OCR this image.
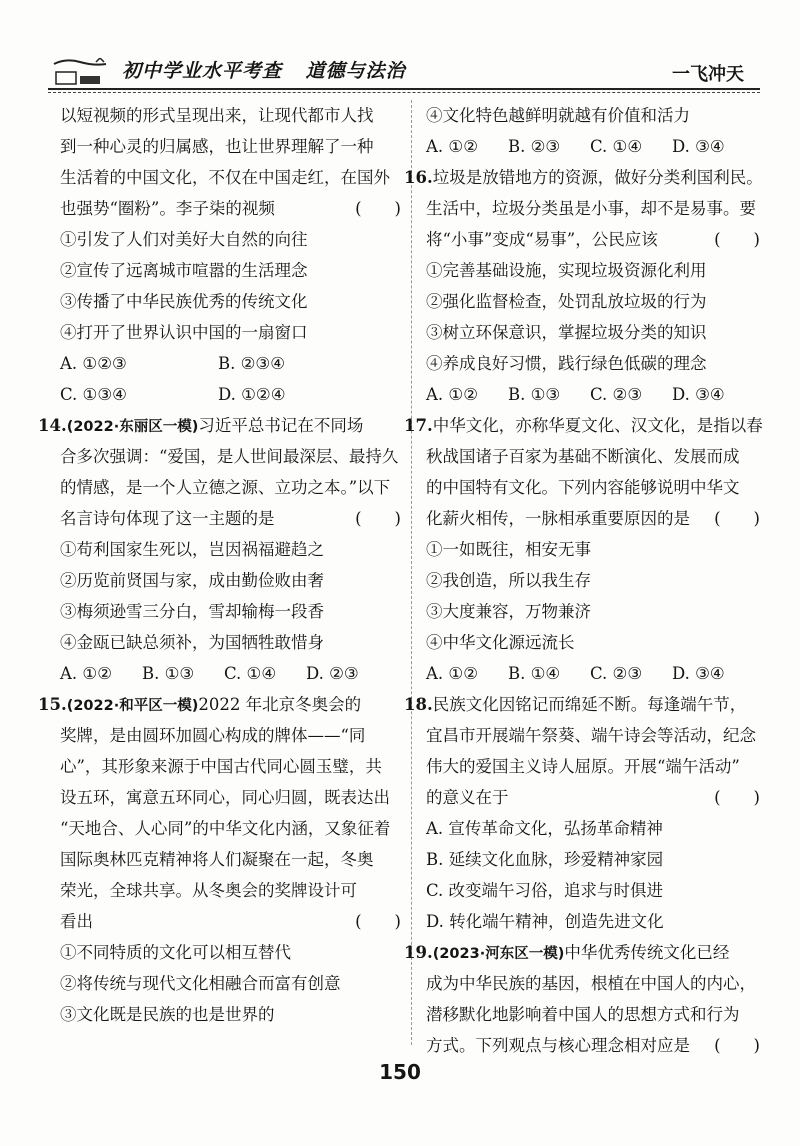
初中学业水平考查 道德与法治	一飞冲天
以短视频的形式呈现出来，让现代都市人找
到一种心灵的归属感，也让世界理解了一种
生活着的中国文化，不仅在中国走红，在国外
也强势“圈粉”。李子柒的视频	(　　)
①引发了人们对美好大自然的向往
②宣传了远离城市喧嚣的生活理念
③传播了中华民族优秀的传统文化
④打开了世界认识中国的一扇窗口
A. ①②③	B. ②③④
C. ①③④	D. ①②④
14.(2022·东丽区一模)习近平总书记在不同场
合多次强调：“爱国，是人世间最深层、最持久
的情感，是一个人立德之源、立功之本。”以下
名言诗句体现了这一主题的是	(　　)
①苟利国家生死以，岂因祸福避趋之
②历览前贤国与家，成由勤俭败由奢
③梅须逊雪三分白，雪却输梅一段香
④金瓯已缺总须补，为国牺牲敢惜身
A. ①② B. ①③ C. ①④ D. ②③
15.(2022·和平区一模)2022 年北京冬奥会的
奖牌，是由圆环加圆心构成的牌体——“同
心”，其形象来源于中国古代同心圆玉璧，共
设五环，寓意五环同心，同心归圆，既表达出
“天地合、人心同”的中华文化内涵，又象征着
国际奥林匹克精神将人们凝聚在一起，冬奥
荣光，全球共享。从冬奥会的奖牌设计可
看出	(　　)
①不同特质的文化可以相互替代
②将传统与现代文化相融合而富有创意
③文化既是民族的也是世界的
④文化特色越鲜明就越有价值和活力
A. ①② B. ②③ C. ①④ D. ③④
16.垃圾是放错地方的资源，做好分类利国利民。
生活中，垃圾分类虽是小事，却不是易事。要
将“小事”变成“易事”，公民应该	(　　)
①完善基础设施，实现垃圾资源化利用
②强化监督检查，处罚乱放垃圾的行为
③树立环保意识，掌握垃圾分类的知识
④养成良好习惯，践行绿色低碳的理念
A. ①② B. ①③ C. ②③ D. ③④
17.中华文化，亦称华夏文化、汉文化，是指以春
秋战国诸子百家为基础不断演化、发展而成
的中国特有文化。下列内容能够说明中华文
化薪火相传，一脉相承重要原因的是 (　　)
①一如既往，相安无事
②我创造，所以我生存
③大度兼容，万物兼济
④中华文化源远流长
A. ①② B. ①④ C. ②③ D. ③④
18.民族文化因铭记而绵延不断。每逢端午节，
宜昌市开展端午祭葵、端午诗会等活动，纪念
伟大的爱国主义诗人屈原。开展“端午活动”
的意义在于	(　　)
A. 宣传革命文化，弘扬革命精神
B. 延续文化血脉，珍爱精神家园
C. 改变端午习俗，追求与时俱进
D. 转化端午精神，创造先进文化
19.(2023·河东区一模)中华优秀传统文化已经
成为中华民族的基因，根植在中国人的内心，
潜移默化地影响着中国人的思想方式和行为
方式。下列观点与核心理念相对应是 (　　)
150
